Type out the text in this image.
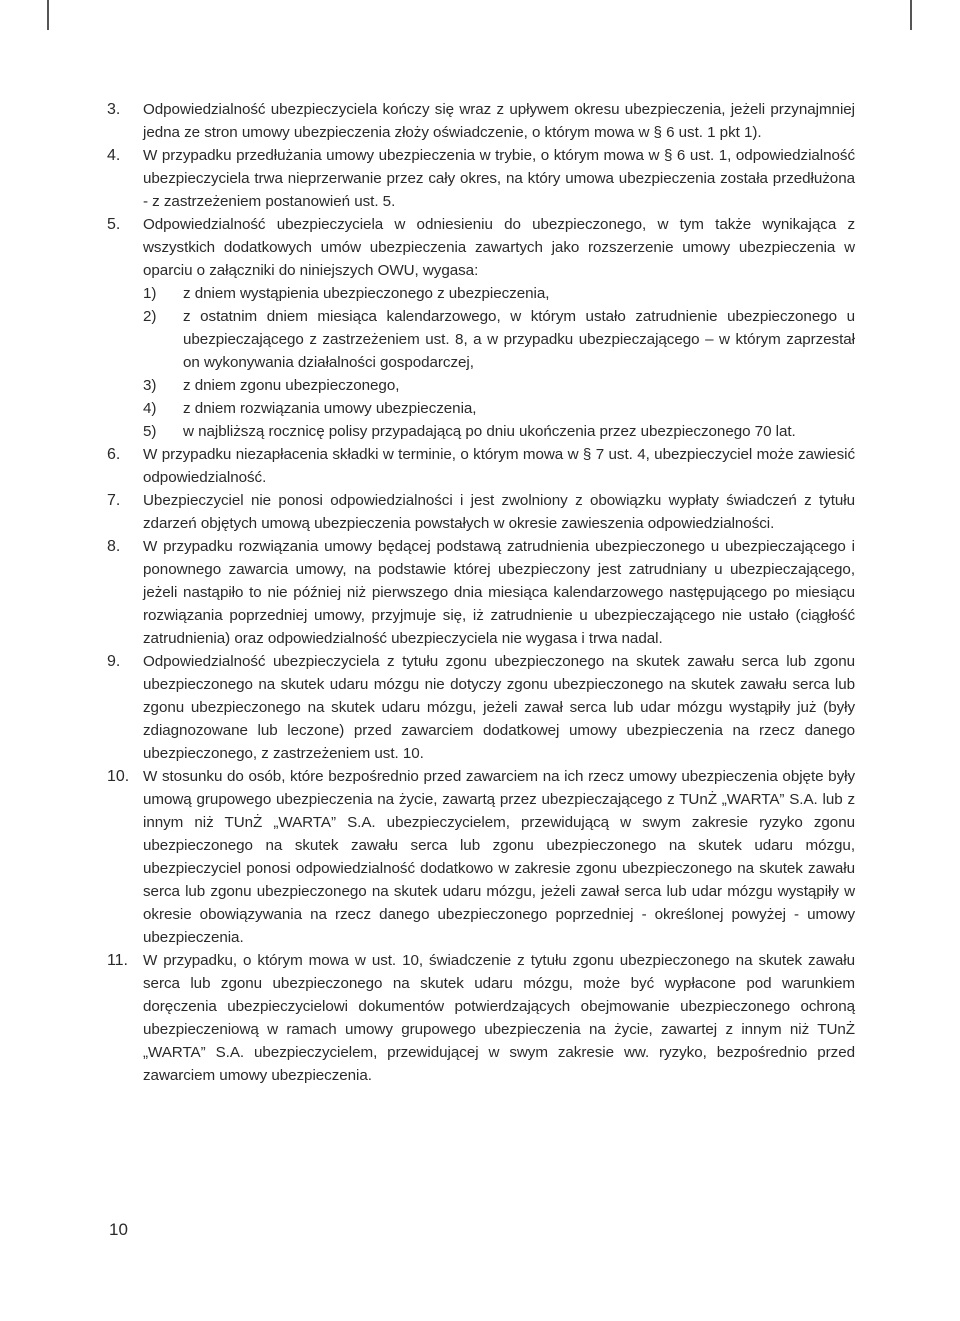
3.	Odpowiedzialność ubezpieczyciela kończy się wraz z upływem okresu ubezpieczenia, jeżeli przynajmniej jedna ze stron umowy ubezpieczenia złoży oświadczenie, o którym mowa w § 6 ust. 1 pkt 1).
4.	W przypadku przedłużania umowy ubezpieczenia w trybie, o którym mowa w § 6 ust. 1, odpowiedzialność ubezpieczyciela trwa nieprzerwanie przez cały okres, na który umowa ubezpieczenia została przedłużona - z zastrzeżeniem postanowień ust. 5.
5.	Odpowiedzialność ubezpieczyciela w odniesieniu do ubezpieczonego, w tym także wynikająca z wszystkich dodatkowych umów ubezpieczenia zawartych jako rozszerzenie umowy ubezpieczenia w oparciu o załączniki do niniejszych OWU, wygasa:
1)	z dniem wystąpienia ubezpieczonego z ubezpieczenia,
2)	z ostatnim dniem miesiąca kalendarzowego, w którym ustało zatrudnienie ubezpieczonego u ubezpieczającego z zastrzeżeniem ust. 8, a w przypadku ubezpieczającego – w którym zaprzestał on wykonywania działalności gospodarczej,
3)	z dniem zgonu ubezpieczonego,
4)	z dniem rozwiązania umowy ubezpieczenia,
5)	w najbliższą rocznicę polisy przypadającą po dniu ukończenia przez ubezpieczonego 70 lat.
6.	W przypadku niezapłacenia składki w terminie, o którym mowa w § 7 ust. 4, ubezpieczyciel może zawiesić odpowiedzialność.
7.	Ubezpieczyciel nie ponosi odpowiedzialności i jest zwolniony z obowiązku wypłaty świadczeń z tytułu zdarzeń objętych umową ubezpieczenia powstałych w okresie zawieszenia odpowiedzialności.
8.	W przypadku rozwiązania umowy będącej podstawą zatrudnienia ubezpieczonego u ubezpieczającego i ponownego zawarcia umowy, na podstawie której ubezpieczony jest zatrudniany u ubezpieczającego, jeżeli nastąpiło to nie później niż pierwszego dnia miesiąca kalendarzowego następującego po miesiącu rozwiązania poprzedniej umowy, przyjmuje się, iż zatrudnienie u ubezpieczającego nie ustało (ciągłość zatrudnienia) oraz odpowiedzialność ubezpieczyciela nie wygasa i trwa nadal.
9.	Odpowiedzialność ubezpieczyciela z tytułu zgonu ubezpieczonego na skutek zawału serca lub zgonu ubezpieczonego na skutek udaru mózgu nie dotyczy zgonu ubezpieczonego na skutek zawału serca lub zgonu ubezpieczonego na skutek udaru mózgu, jeżeli zawał serca lub udar mózgu wystąpiły już (były zdiagnozowane lub leczone) przed zawarciem dodatkowej umowy ubezpieczenia na rzecz danego ubezpieczonego, z zastrzeżeniem ust. 10.
10. W stosunku do osób, które bezpośrednio przed zawarciem na ich rzecz umowy ubezpieczenia objęte były umową grupowego ubezpieczenia na życie, zawartą przez ubezpieczającego z TUnŻ „WARTA” S.A. lub z innym niż TUnŻ „WARTA” S.A. ubezpieczycielem, przewidującą w swym zakresie ryzyko zgonu ubezpieczonego na skutek zawału serca lub zgonu ubezpieczonego na skutek udaru mózgu, ubezpieczyciel ponosi odpowiedzialność dodatkowo w zakresie zgonu ubezpieczonego na skutek zawału serca lub zgonu ubezpieczonego na skutek udaru mózgu, jeżeli zawał serca lub udar mózgu wystąpiły w okresie obowiązywania na rzecz danego ubezpieczonego poprzedniej - określonej powyżej - umowy ubezpieczenia.
11. W przypadku, o którym mowa w ust. 10, świadczenie z tytułu zgonu ubezpieczonego na skutek zawału serca lub zgonu ubezpieczonego na skutek udaru mózgu, może być wypłacone pod warunkiem doręczenia ubezpieczycielowi dokumentów potwierdzających obejmowanie ubezpieczonego ochroną ubezpieczeniową w ramach umowy grupowego ubezpieczenia na życie, zawartej z innym niż TUnŻ „WARTA” S.A. ubezpieczycielem, przewidującej w swym zakresie ww. ryzyko, bezpośrednio przed zawarciem umowy ubezpieczenia.
10
